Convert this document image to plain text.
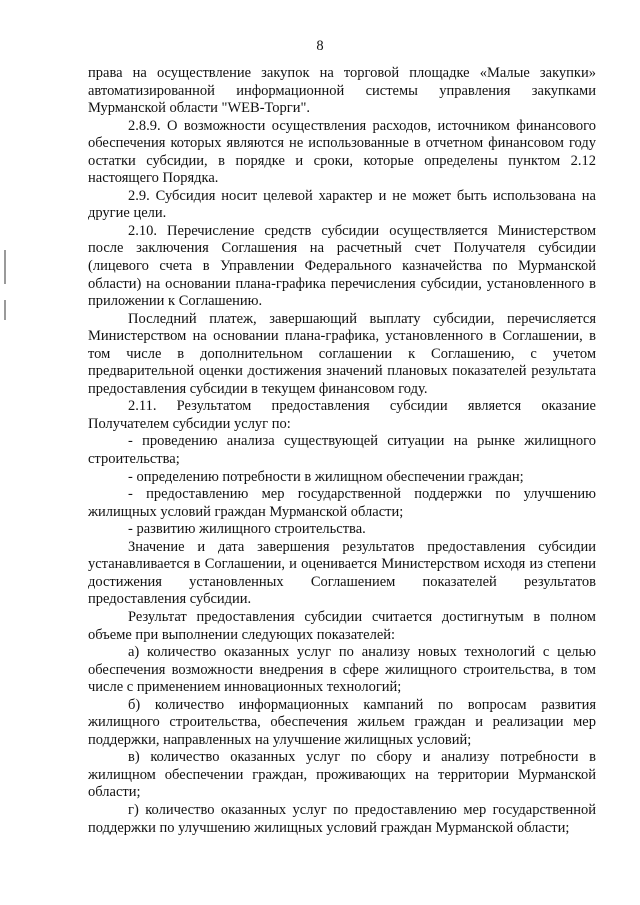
8

права на осуществление закупок на торговой площадке «Малые закупки» автоматизированной информационной системы управления закупками Мурманской области "WEB-Торги".

2.8.9. О возможности осуществления расходов, источником финансового обеспечения которых являются не использованные в отчетном финансовом году остатки субсидии, в порядке и сроки, которые определены пунктом 2.12 настоящего Порядка.

2.9. Субсидия носит целевой характер и не может быть использована на другие цели.

2.10. Перечисление средств субсидии осуществляется Министерством после заключения Соглашения на расчетный счет Получателя субсидии (лицевого счета в Управлении Федерального казначейства по Мурманской области) на основании плана-графика перечисления субсидии, установленного в приложении к Соглашению.

Последний платеж, завершающий выплату субсидии, перечисляется Министерством на основании плана-графика, установленного в Соглашении, в том числе в дополнительном соглашении к Соглашению, с учетом предварительной оценки достижения значений плановых показателей результата предоставления субсидии в текущем финансовом году.

2.11. Результатом предоставления субсидии является оказание Получателем субсидии услуг по:

- проведению анализа существующей ситуации на рынке жилищного строительства;

- определению потребности в жилищном обеспечении граждан;

- предоставлению мер государственной поддержки по улучшению жилищных условий граждан Мурманской области;

- развитию жилищного строительства.

Значение и дата завершения результатов предоставления субсидии устанавливается в Соглашении, и оценивается Министерством исходя из степени достижения установленных Соглашением показателей результатов предоставления субсидии.

Результат предоставления субсидии считается достигнутым в полном объеме при выполнении следующих показателей:

а) количество оказанных услуг по анализу новых технологий с целью обеспечения возможности внедрения в сфере жилищного строительства, в том числе с применением инновационных технологий;

б) количество информационных кампаний по вопросам развития жилищного строительства, обеспечения жильем граждан и реализации мер поддержки, направленных на улучшение жилищных условий;

в) количество оказанных услуг по сбору и анализу потребности в жилищном обеспечении граждан, проживающих на территории Мурманской области;

г) количество оказанных услуг по предоставлению мер государственной поддержки по улучшению жилищных условий граждан Мурманской области;
